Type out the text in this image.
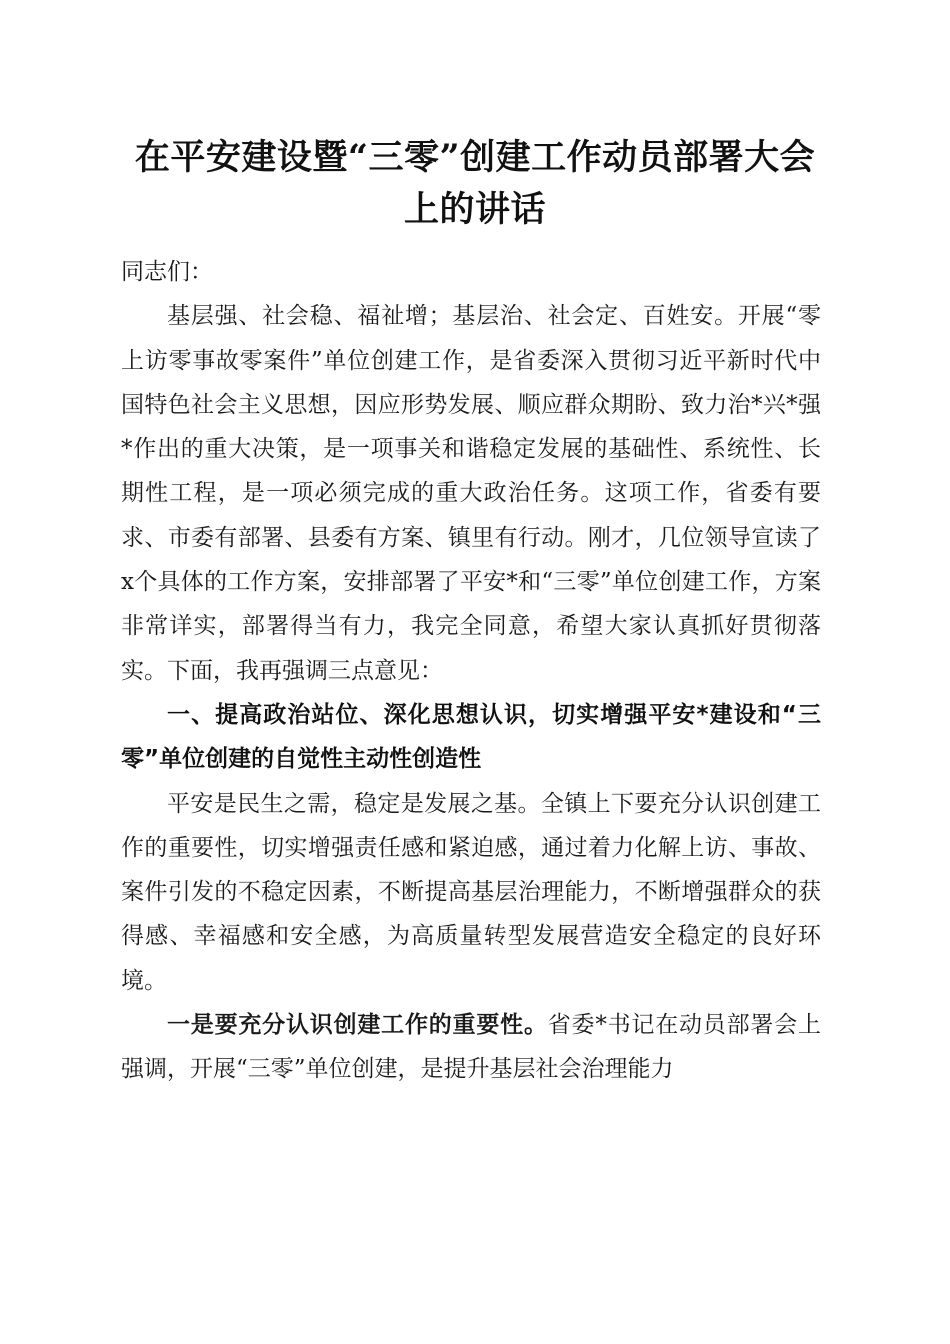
在平安建设暨“三零”创建工作动员部署大会
上的讲话

同志们：

基层强、社会稳、福祉增；基层治、社会定、百姓安。开展“零上访零事故零案件”单位创建工作，是省委深入贯彻习近平新时代中国特色社会主义思想，因应形势发展、顺应群众期盼、致力治*兴*强*作出的重大决策，是一项事关和谐稳定发展的基础性、系统性、长期性工程，是一项必须完成的重大政治任务。这项工作，省委有要求、市委有部署、县委有方案、镇里有行动。刚才，几位领导宣读了x个具体的工作方案，安排部署了平安*和“三零”单位创建工作，方案非常详实，部署得当有力，我完全同意，希望大家认真抓好贯彻落实。下面，我再强调三点意见：

一、提高政治站位、深化思想认识，切实增强平安*建设和“三零”单位创建的自觉性主动性创造性

平安是民生之需，稳定是发展之基。全镇上下要充分认识创建工作的重要性，切实增强责任感和紧迫感，通过着力化解上访、事故、案件引发的不稳定因素，不断提高基层治理能力，不断增强群众的获得感、幸福感和安全感，为高质量转型发展营造安全稳定的良好环境。

一是要充分认识创建工作的重要性。省委*书记在动员部署会上强调，开展“三零”单位创建，是提升基层社会治理能力
